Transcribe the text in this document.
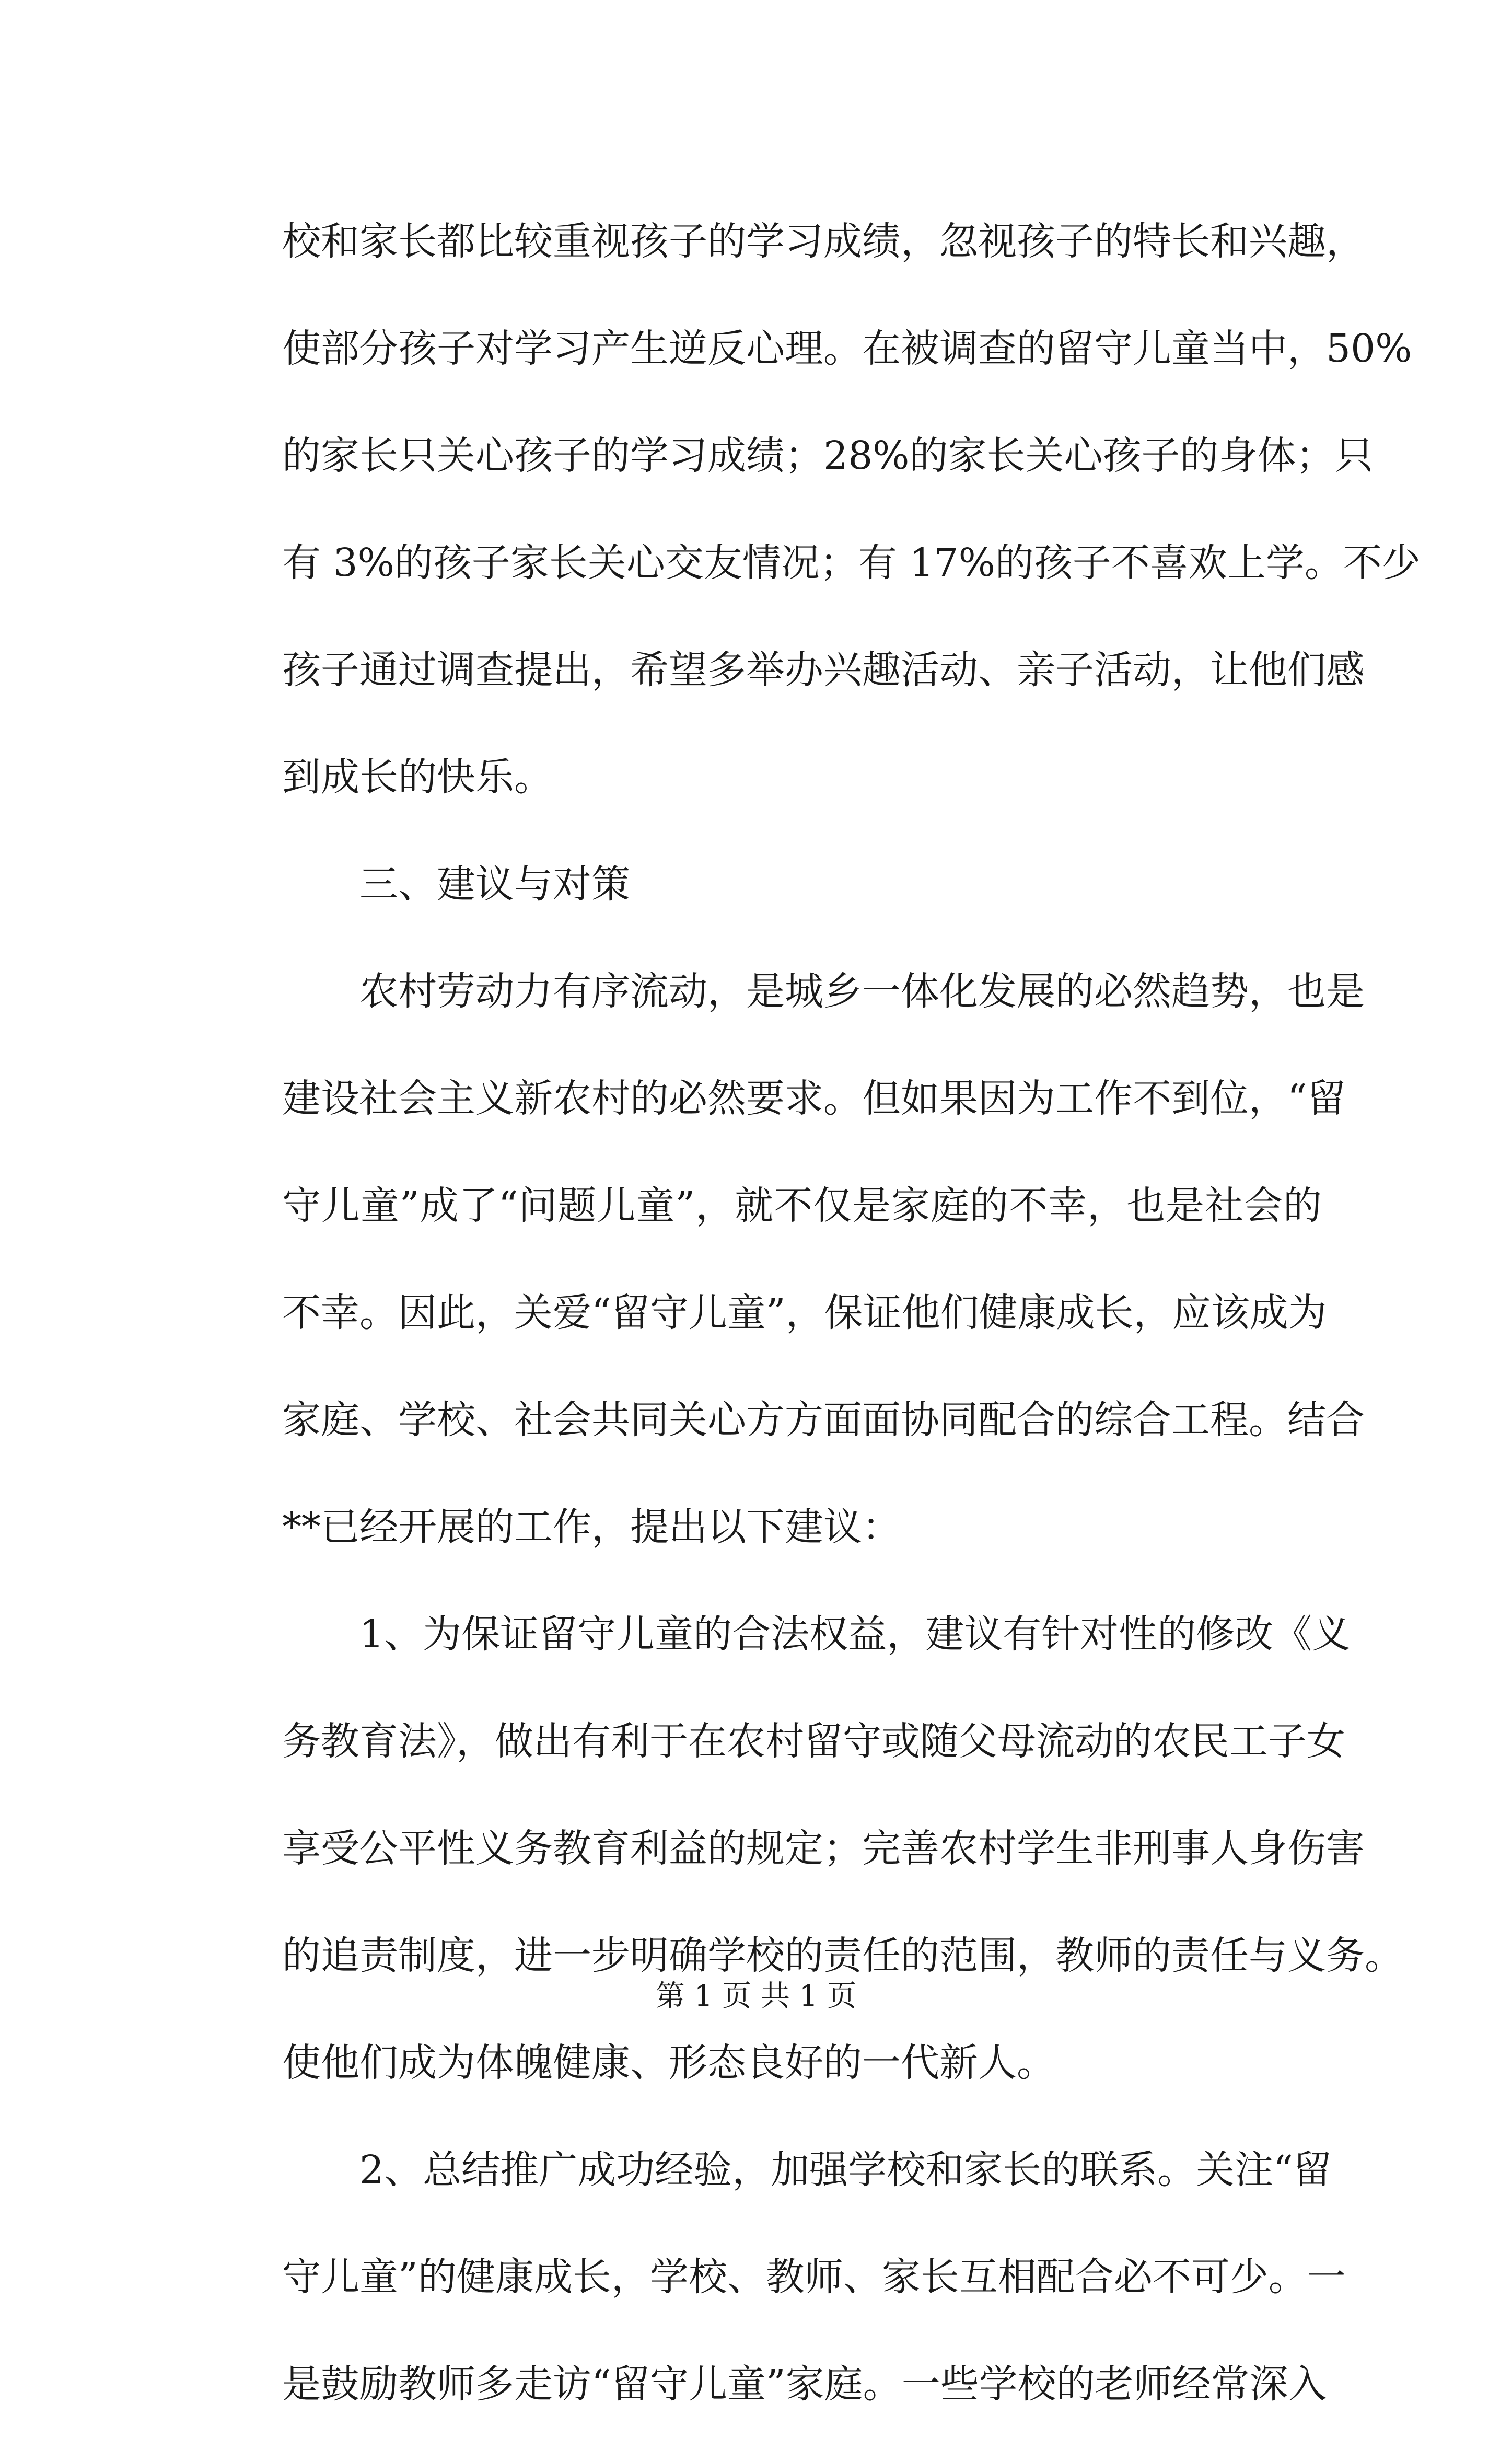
校和家长都比较重视孩子的学习成绩，忽视孩子的特长和兴趣，
使部分孩子对学习产生逆反心理。在被调查的留守儿童当中，50%
的家长只关心孩子的学习成绩；28%的家长关心孩子的身体；只
有 3%的孩子家长关心交友情况；有 17%的孩子不喜欢上学。不少
孩子通过调查提出，希望多举办兴趣活动、亲子活动，让他们感
到成长的快乐。
三、建议与对策
农村劳动力有序流动，是城乡一体化发展的必然趋势，也是
建设社会主义新农村的必然要求。但如果因为工作不到位，“留
守儿童”成了“问题儿童”，就不仅是家庭的不幸，也是社会的
不幸。因此，关爱“留守儿童”，保证他们健康成长，应该成为
家庭、学校、社会共同关心方方面面协同配合的综合工程。结合
**已经开展的工作，提出以下建议：
1、为保证留守儿童的合法权益，建议有针对性的修改《义
务教育法》，做出有利于在农村留守或随父母流动的农民工子女
享受公平性义务教育利益的规定；完善农村学生非刑事人身伤害
的追责制度，进一步明确学校的责任的范围，教师的责任与义务。
使他们成为体魄健康、形态良好的一代新人。
2、总结推广成功经验，加强学校和家长的联系。关注“留
守儿童”的健康成长，学校、教师、家长互相配合必不可少。一
是鼓励教师多走访“留守儿童”家庭。一些学校的老师经常深入
第 1 页 共 1 页
